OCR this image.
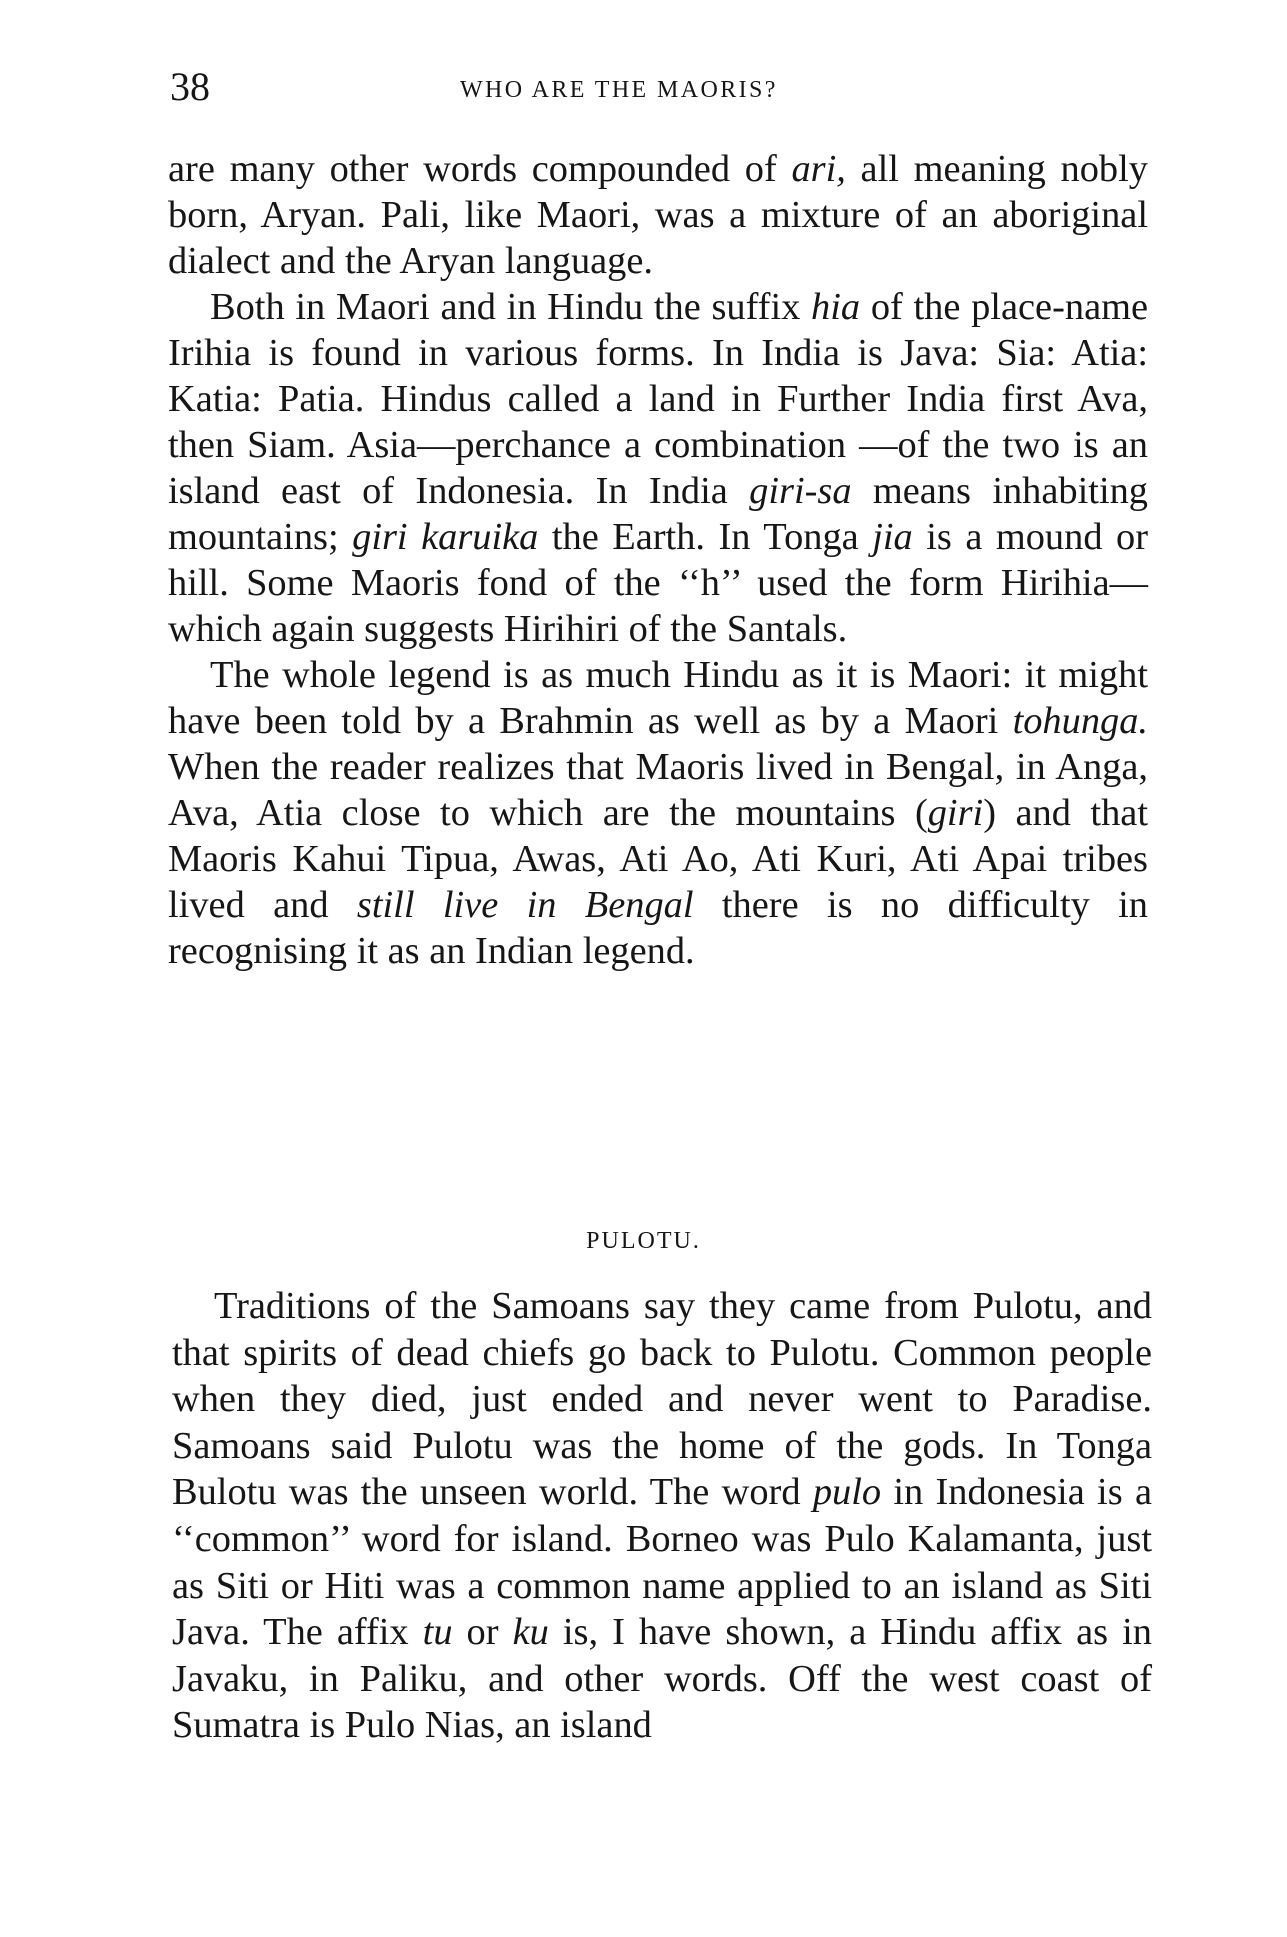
38	WHO ARE THE MAORIS?

are many other words compounded of ari, all meaning nobly born, Aryan. Pali, like Maori, was a mixture of an aboriginal dialect and the Aryan language.

Both in Maori and in Hindu the suffix hia of the place-name Irihia is found in various forms. In India is Java: Sia: Atia: Katia: Patia. Hindus called a land in Further India first Ava, then Siam. Asia—perchance a combination —of the two is an island east of Indonesia. In India giri-sa means inhabiting mountains; giri karuika the Earth. In Tonga jia is a mound or hill. Some Maoris fond of the ‘‘h’’ used the form Hirihia—which again suggests Hirihiri of the Santals.

The whole legend is as much Hindu as it is Maori: it might have been told by a Brahmin as well as by a Maori tohunga. When the reader realizes that Maoris lived in Bengal, in Anga, Ava, Atia close to which are the mountains (giri) and that Maoris Kahui Tipua, Awas, Ati Ao, Ati Kuri, Ati Apai tribes lived and still live in Bengal there is no difficulty in recognising it as an Indian legend.

PULOTU.

Traditions of the Samoans say they came from Pulotu, and that spirits of dead chiefs go back to Pulotu. Common people when they died, just ended and never went to Paradise. Samoans said Pulotu was the home of the gods. In Tonga Bulotu was the unseen world. The word pulo in Indonesia is a ‘‘common’’ word for island. Borneo was Pulo Kalamanta, just as Siti or Hiti was a common name applied to an island as Siti Java. The affix tu or ku is, I have shown, a Hindu affix as in Javaku, in Paliku, and other words. Off the west coast of Sumatra is Pulo Nias, an island
